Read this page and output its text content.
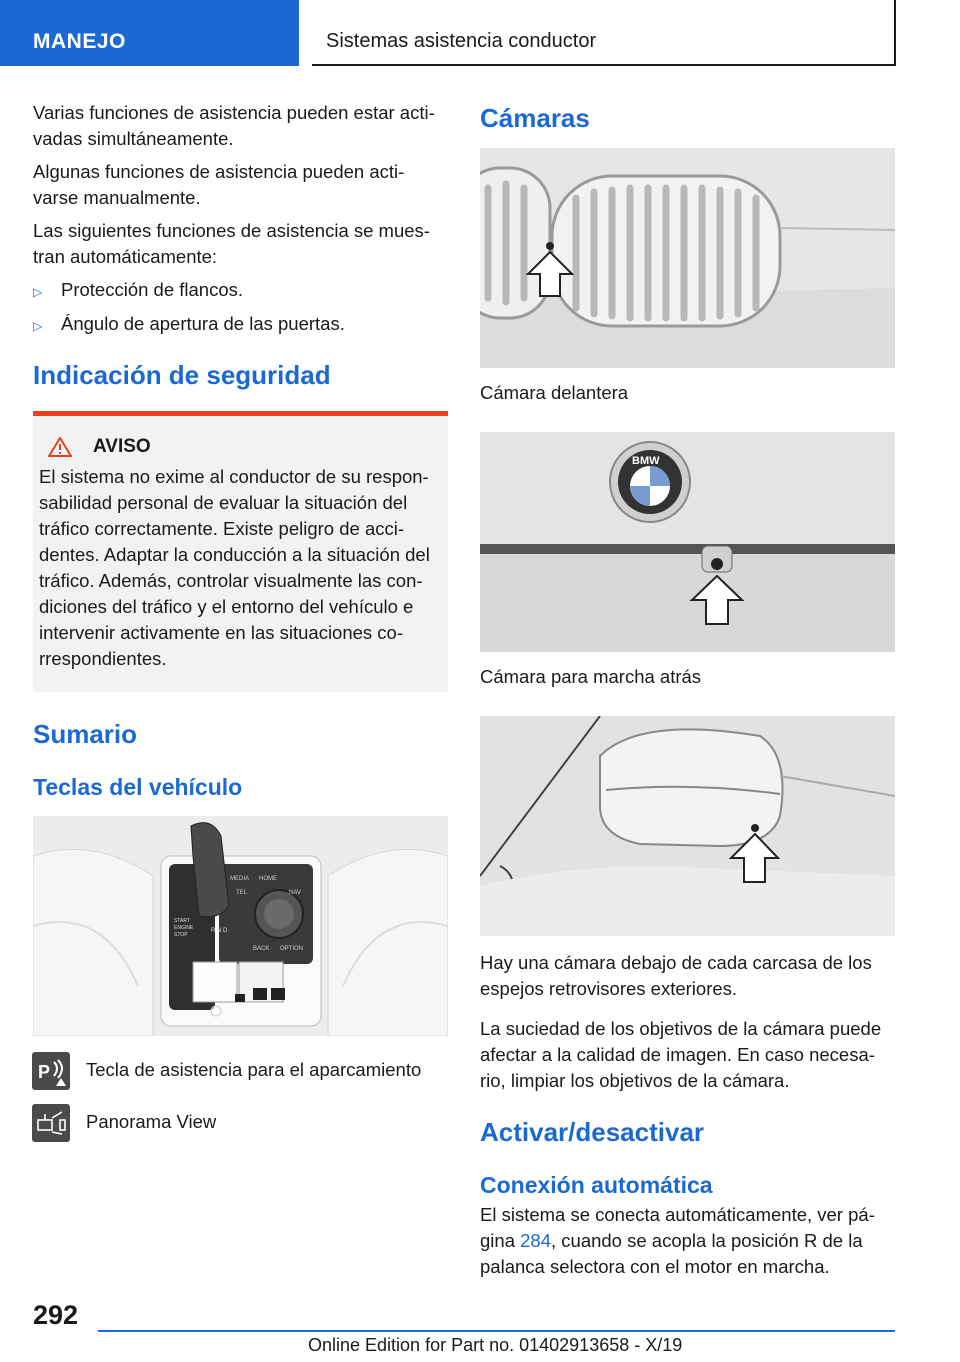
MANEJO	Sistemas asistencia conductor

Varias funciones de asistencia pueden estar acti-vadas simultáneamente.

Algunas funciones de asistencia pueden acti-varse manualmente.

Las siguientes funciones de asistencia se mues-tran automáticamente:

▷	Protección de flancos.
▷	Ángulo de apertura de las puertas.
Indicación de seguridad
AVISO
El sistema no exime al conductor de su respon-sabilidad personal de evaluar la situación del tráfico correctamente. Existe peligro de acci-dentes. Adaptar la conducción a la situación del tráfico. Además, controlar visualmente las con-diciones del tráfico y el entorno del vehículo e intervenir activamente en las situaciones co-rrespondientes.
Sumario
Teclas del vehículo
MEDIA HOME
TEL	NAV
BACK OPTION
START
ENGINE
STOP
R N D
P Tecla de asistencia para el aparcamiento
Panorama View
Cámaras
Cámara delantera
BMW
Cámara para marcha atrás

Hay una cámara debajo de cada carcasa de los espejos retrovisores exteriores.

La suciedad de los objetivos de la cámara puede afectar a la calidad de imagen. En caso necesa-rio, limpiar los objetivos de la cámara.

Activar/desactivar
Conexión automática

El sistema se conecta automáticamente, ver pá-gina 284, cuando se acopla la posición R de la palanca selectora con el motor en marcha.

292
Online Edition for Part no. 01402913658 - X/19
